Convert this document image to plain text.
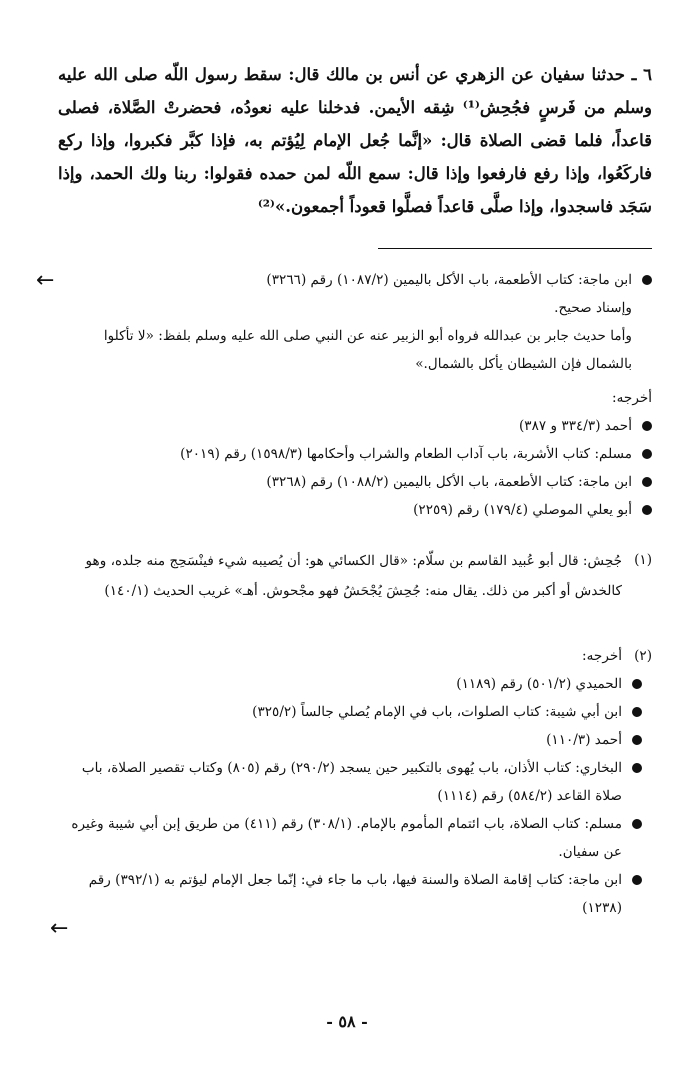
٦ ـ حدثنا سفيان عن الزهري عن أنس بن مالك قال: سقط رسول اللّه صلى الله عليه وسلم من فَرسٍ فجُحِش⁽¹⁾ شِقه الأيمن. فدخلنا عليه نعودُه، فحضرتْ الصَّلاة، فصلى قاعداً، فلما قضى الصلاة قال: «إنَّما جُعل الإمام لِيُؤتم به، فإذا كبَّر فكبروا، وإذا ركع فاركَعُوا، وإذا رفع فارفعوا وإذا قال: سمع اللّه لمن حمده فقولوا: ربنا ولك الحمد، وإذا سَجَد فاسجدوا، وإذا صلَّى قاعداً فصلَّوا قعوداً أجمعون.»⁽²⁾

←	ابن ماجة: كتاب الأطعمة، باب الأكل باليمين (١٠٨٧/٢) رقم (٣٢٦٦)
وإسناد صحيح.
وأما حديث جابر بن عبدالله فرواه أبو الزبير عنه عن النبي صلى الله عليه وسلم بلفظ: «لا تأكلوا بالشمال فإن الشيطان يأكل بالشمال.»
أخرجه:
أحمد (٣٣٤/٣ و ٣٨٧)
مسلم: كتاب الأشربة، باب آداب الطعام والشراب وأحكامها (١٥٩٨/٣) رقم (٢٠١٩)
ابن ماجة: كتاب الأطعمة، باب الأكل باليمين (١٠٨٨/٢) رقم (٣٢٦٨)
أبو يعلي الموصلي (١٧٩/٤) رقم (٢٢٥٩)
(١)
جُحِش: قال أبو عُبيد القاسم بن سلّام: «قال الكسائي هو: أن يُصيبه شيء فينْسَحِج منه جلده، وهو كالخدش أو أكبر من ذلك. يقال منه: جُحِشَ يُجْحَشُ فهو مجْحوش. أهـ» غريب الحديث (١٤٠/١)
(٢)
أخرجه:
الحميدي (٥٠١/٢) رقم (١١٨٩)
ابن أبي شيبة: كتاب الصلوات، باب في الإمام يُصلي جالساً (٣٢٥/٢)
أحمد (١١٠/٣)
البخاري: كتاب الأذان، باب يُهوى بالتكبير حين يسجد (٢٩٠/٢) رقم (٨٠٥) وكتاب تقصير الصلاة، باب صلاة القاعد (٥٨٤/٢) رقم (١١١٤)
مسلم: كتاب الصلاة، باب ائتمام المأموم بالإمام. (٣٠٨/١) رقم (٤١١) من طريق إبن أبي شيبة وغيره عن سفيان.
ابن ماجة: كتاب إقامة الصلاة والسنة فيها، باب ما جاء في: إنّما جعل الإمام ليؤتم به (٣٩٢/١) رقم (١٢٣٨)
←
- ٥٨ -
